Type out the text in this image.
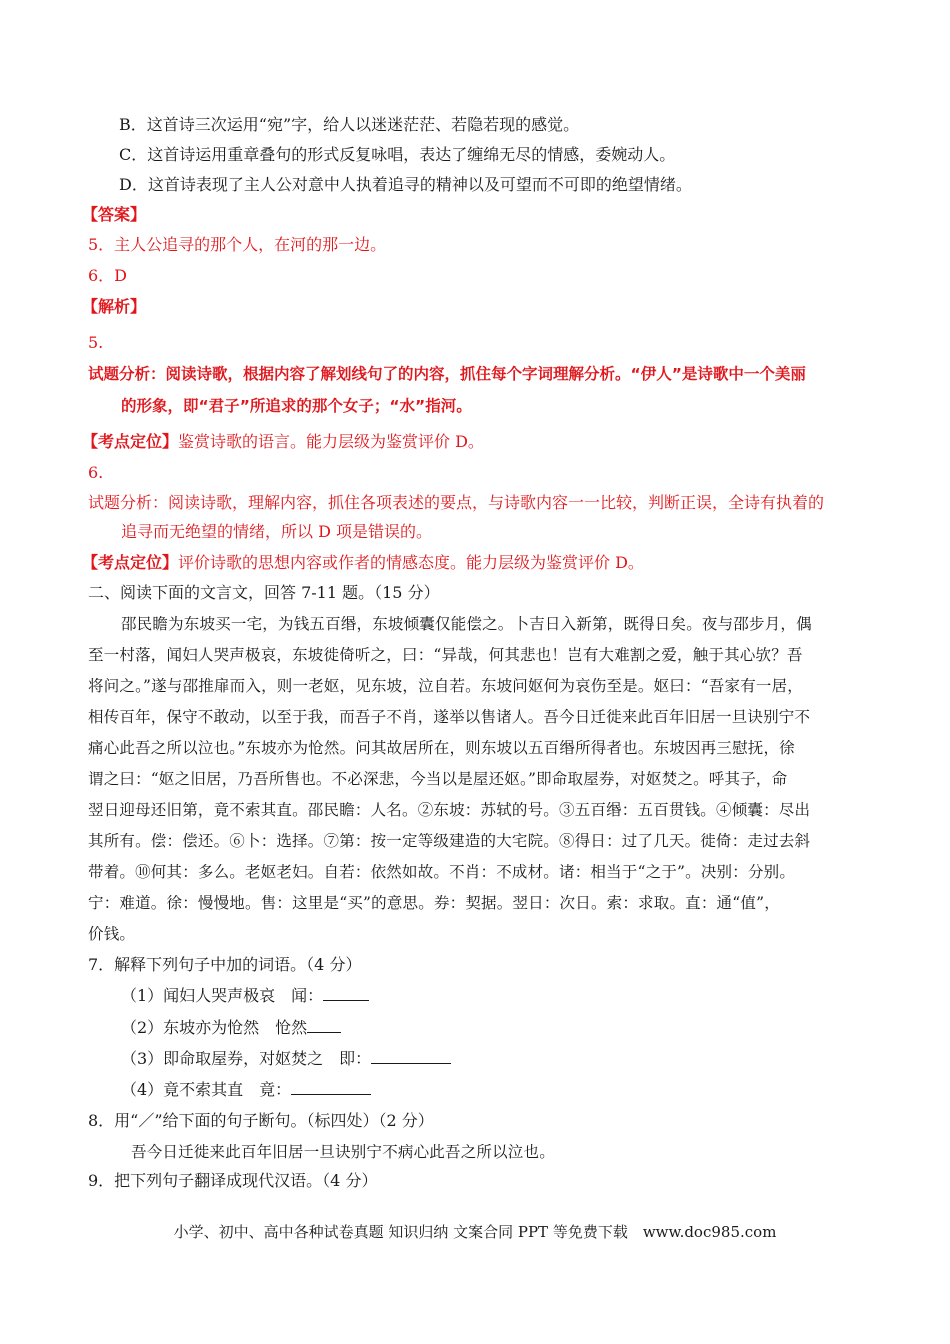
B．这首诗三次运用“宛”字，给人以迷迷茫茫、若隐若现的感觉。
C．这首诗运用重章叠句的形式反复咏唱，表达了缠绵无尽的情感，委婉动人。
D．这首诗表现了主人公对意中人执着追寻的精神以及可望而不可即的绝望情绪。
【答案】
5．主人公追寻的那个人，在河的那一边。
6．D
【解析】
5.
试题分析：阅读诗歌，根据内容了解划线句了的内容，抓住每个字词理解分析。“伊人”是诗歌中一个美丽
的形象，即“君子”所追求的那个女子；“水”指河。
【考点定位】鉴赏诗歌的语言。能力层级为鉴赏评价 D。
6.
试题分析：阅读诗歌，理解内容，抓住各项表述的要点，与诗歌内容一一比较，判断正误，全诗有执着的
追寻而无绝望的情绪，所以 D 项是错误的。
【考点定位】评价诗歌的思想内容或作者的情感态度。能力层级为鉴赏评价 D。
二、阅读下面的文言文，回答 7-11 题。（15 分）
邵民瞻为东坡买一宅，为钱五百缗，东坡倾囊仅能偿之。卜吉日入新第，既得日矣。夜与邵步月，偶
至一村落，闻妇人哭声极哀，东坡徙倚听之，曰：“异哉，何其悲也！岂有大难割之爱，触于其心欤？吾
将问之。”遂与邵推扉而入，则一老妪，见东坡，泣自若。东坡问妪何为哀伤至是。妪曰：“吾家有一居，
相传百年，保守不敢动，以至于我，而吾子不肖，遂举以售诸人。吾今日迁徙来此百年旧居一旦诀别宁不
痛心此吾之所以泣也。”东坡亦为怆然。问其故居所在，则东坡以五百缗所得者也。东坡因再三慰抚，徐
谓之曰：“妪之旧居，乃吾所售也。不必深悲，今当以是屋还妪。”即命取屋券，对妪焚之。呼其子，命
翌日迎母还旧第，竟不索其直。邵民瞻：人名。②东坡：苏轼的号。③五百缗：五百贯钱。④倾囊：尽出
其所有。偿：偿还。⑥卜：选择。⑦第：按一定等级建造的大宅院。⑧得日：过了几天。徙倚：走过去斜
带着。⑩何其：多么。老妪老妇。自若：依然如故。不肖：不成材。诸：相当于“之于”。决别：分别。
宁：难道。徐：慢慢地。售：这里是“买”的意思。券：契据。翌日：次日。索：求取。直：通“值”，
价钱。
7．解释下列句子中加的词语。（4 分）
（1）闻妇人哭声极哀　闻：
（2）东坡亦为怆然　怆然
（3）即命取屋券，对妪焚之　即：
（4）竟不索其直　竟：
8．用“／”给下面的句子断句。（标四处）（2 分）
吾今日迁徙来此百年旧居一旦诀别宁不病心此吾之所以泣也。
9．把下列句子翻译成现代汉语。（4 分）
小学、初中、高中各种试卷真题 知识归纳 文案合同 PPT 等免费下载　www.doc985.com
